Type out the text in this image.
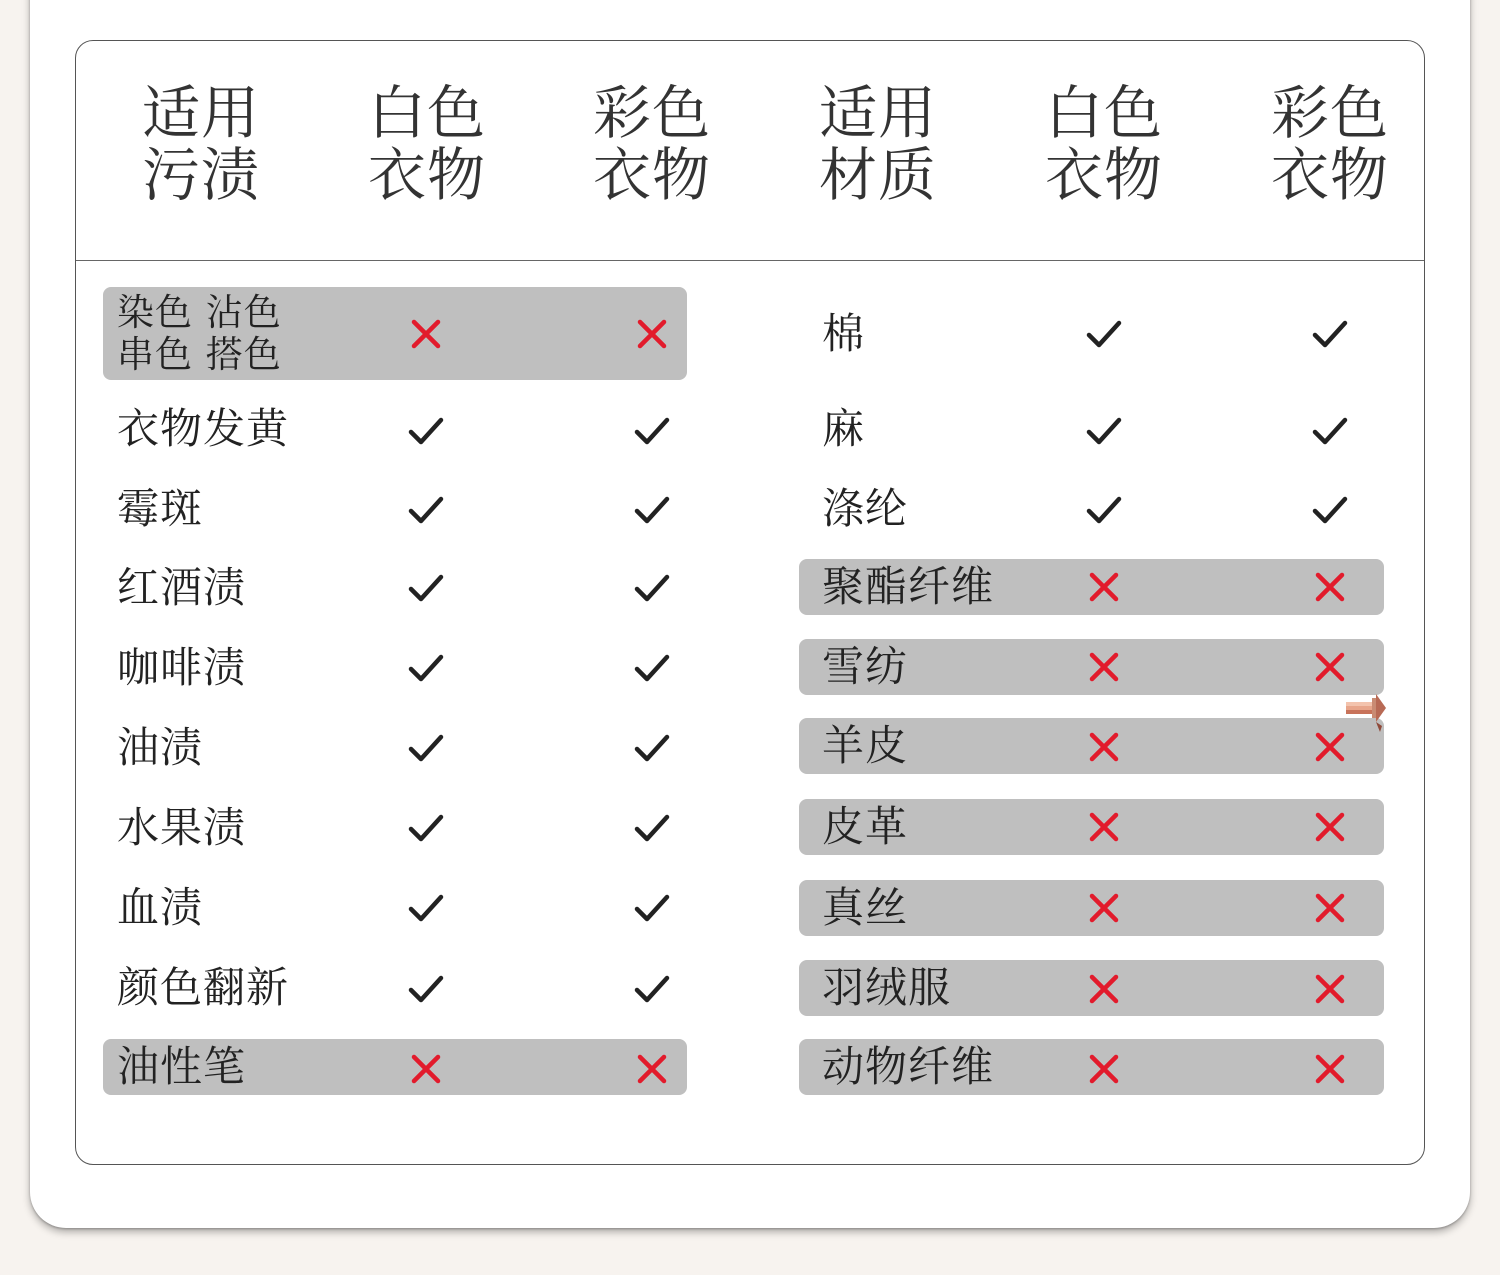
适用
污渍
白色
衣物
彩色
衣物
适用
材质
白色
衣物
彩色
衣物
染色 沾色
串色 搭色
衣物发黄
霉斑
红酒渍
咖啡渍
油渍
水果渍
血渍
颜色翻新
油性笔
棉
麻
涤纶
聚酯纤维
雪纺
羊皮
皮革
真丝
羽绒服
动物纤维
